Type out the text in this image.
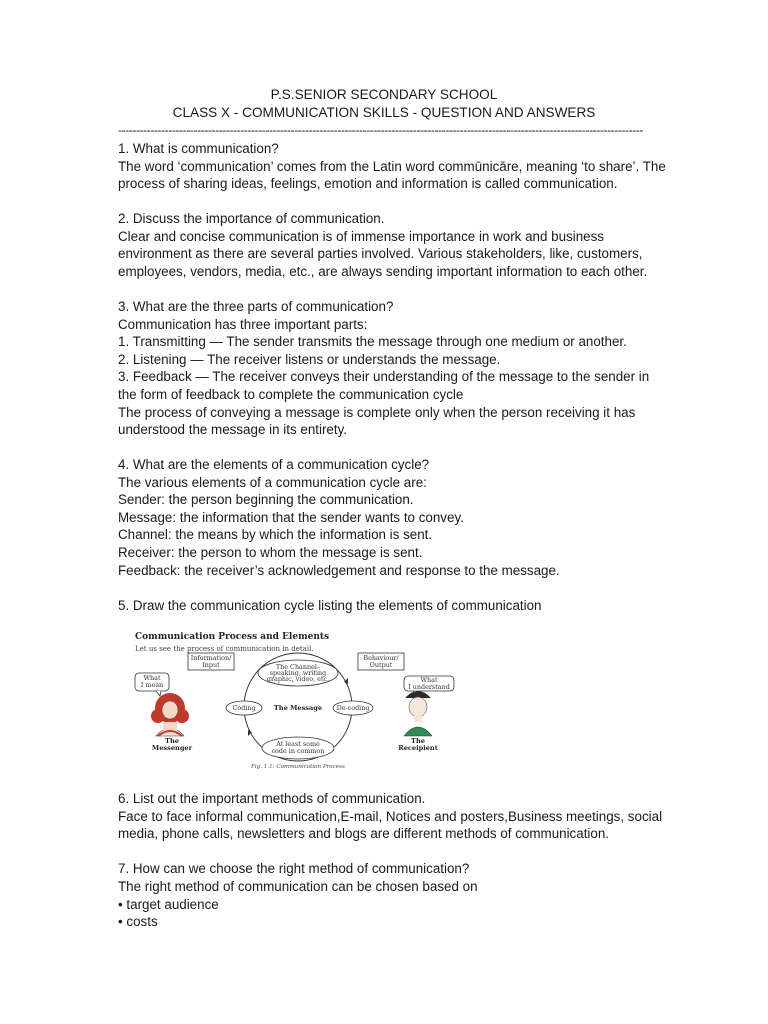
P.S.SENIOR SECONDARY SCHOOL
CLASS X - COMMUNICATION SKILLS - QUESTION AND ANSWERS
--------------------------------------------------------------------------------------------------------------------------------------------------

1. What is communication?

The word ‘communication’ comes from the Latin word commūnicāre, meaning ‘to share’. The

process of sharing ideas, feelings, emotion and information is called communication.

2. Discuss the importance of communication.

Clear and concise communication is of immense importance in work and business

environment as there are several parties involved. Various stakeholders, like, customers,

employees, vendors, media, etc., are always sending important information to each other.

3. What are the three parts of communication?

Communication has three important parts:

1. Transmitting — The sender transmits the message through one medium or another.

2. Listening — The receiver listens or understands the message.

3. Feedback — The receiver conveys their understanding of the message to the sender in

the form of feedback to complete the communication cycle

The process of conveying a message is complete only when the person receiving it has

understood the message in its entirety.

4. What are the elements of a communication cycle?

The various elements of a communication cycle are:

Sender: the person beginning the communication.

Message: the information that the sender wants to convey.

Channel: the means by which the information is sent.

Receiver: the person to whom the message is sent.

Feedback: the receiver’s acknowledgement and response to the message.

5. Draw the communication cycle listing the elements of communication

Communication Process and Elements
Let us see the process of communication in detail.
Information/
Input
Behaviour/
Output
The Channel–
speaking, writing
graphic, video, etc.
At least some
code in common
Coding	De-coding
The Message
What
I mean
What
I understand
The
Messenger
The
Receipient
Fig. 1.1: Communication Process

6. List out the important methods of communication.

Face to face informal communication,E-mail, Notices and posters,Business meetings, social

media, phone calls, newsletters and blogs are different methods of communication.

7. How can we choose the right method of communication?

The right method of communication can be chosen based on

• target audience

• costs
